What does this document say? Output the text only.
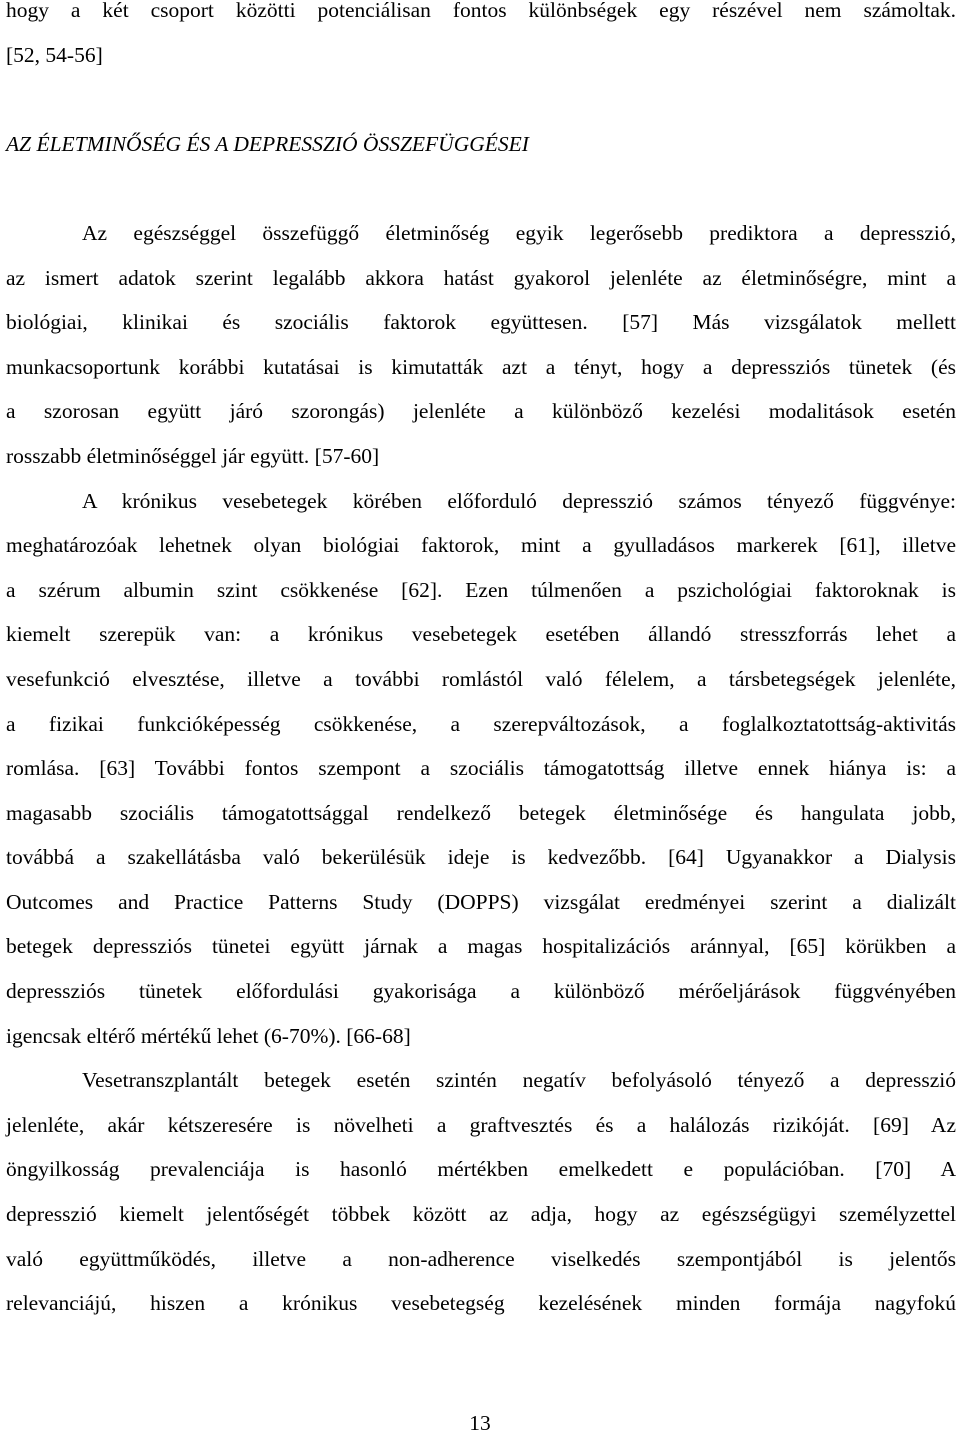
hogy a két csoport közötti potenciálisan fontos különbségek egy részével nem számoltak.
[52, 54-56]
AZ ÉLETMINŐSÉG ÉS A DEPRESSZIÓ ÖSSZEFÜGGÉSEI
Az egészséggel összefüggő életminőség egyik legerősebb prediktora a depresszió,
az ismert adatok szerint legalább akkora hatást gyakorol jelenléte az életminőségre, mint a
biológiai, klinikai és szociális faktorok együttesen. [57] Más vizsgálatok mellett
munkacsoportunk korábbi kutatásai is kimutatták azt a tényt, hogy a depressziós tünetek (és
a szorosan együtt járó szorongás) jelenléte a különböző kezelési modalitások esetén
rosszabb életminőséggel jár együtt. [57-60]
A krónikus vesebetegek körében előforduló depresszió számos tényező függvénye:
meghatározóak lehetnek olyan biológiai faktorok, mint a gyulladásos markerek [61], illetve
a szérum albumin szint csökkenése [62]. Ezen túlmenően a pszichológiai faktoroknak is
kiemelt szerepük van: a krónikus vesebetegek esetében állandó stresszforrás lehet a
vesefunkció elvesztése, illetve a további romlástól való félelem, a társbetegségek jelenléte,
a fizikai funkcióképesség csökkenése, a szerepváltozások, a foglalkoztatottság-aktivitás
romlása. [63] További fontos szempont a szociális támogatottság illetve ennek hiánya is: a
magasabb szociális támogatottsággal rendelkező betegek életminősége és hangulata jobb,
továbbá a szakellátásba való bekerülésük ideje is kedvezőbb. [64] Ugyanakkor a Dialysis
Outcomes and Practice Patterns Study (DOPPS) vizsgálat eredményei szerint a dializált
betegek depressziós tünetei együtt járnak a magas hospitalizációs aránnyal, [65] körükben a
depressziós tünetek előfordulási gyakorisága a különböző mérőeljárások függvényében
igencsak eltérő mértékű lehet (6-70%). [66-68]
Vesetranszplantált betegek esetén szintén negatív befolyásoló tényező a depresszió
jelenléte, akár kétszeresére is növelheti a graftvesztés és a halálozás rizikóját. [69] Az
öngyilkosság prevalenciája is hasonló mértékben emelkedett e populációban. [70] A
depresszió kiemelt jelentőségét többek között az adja, hogy az egészségügyi személyzettel
való együttműködés, illetve a non-adherence viselkedés szempontjából is jelentős
relevanciájú, hiszen a krónikus vesebetegség kezelésének minden formája nagyfokú
13
